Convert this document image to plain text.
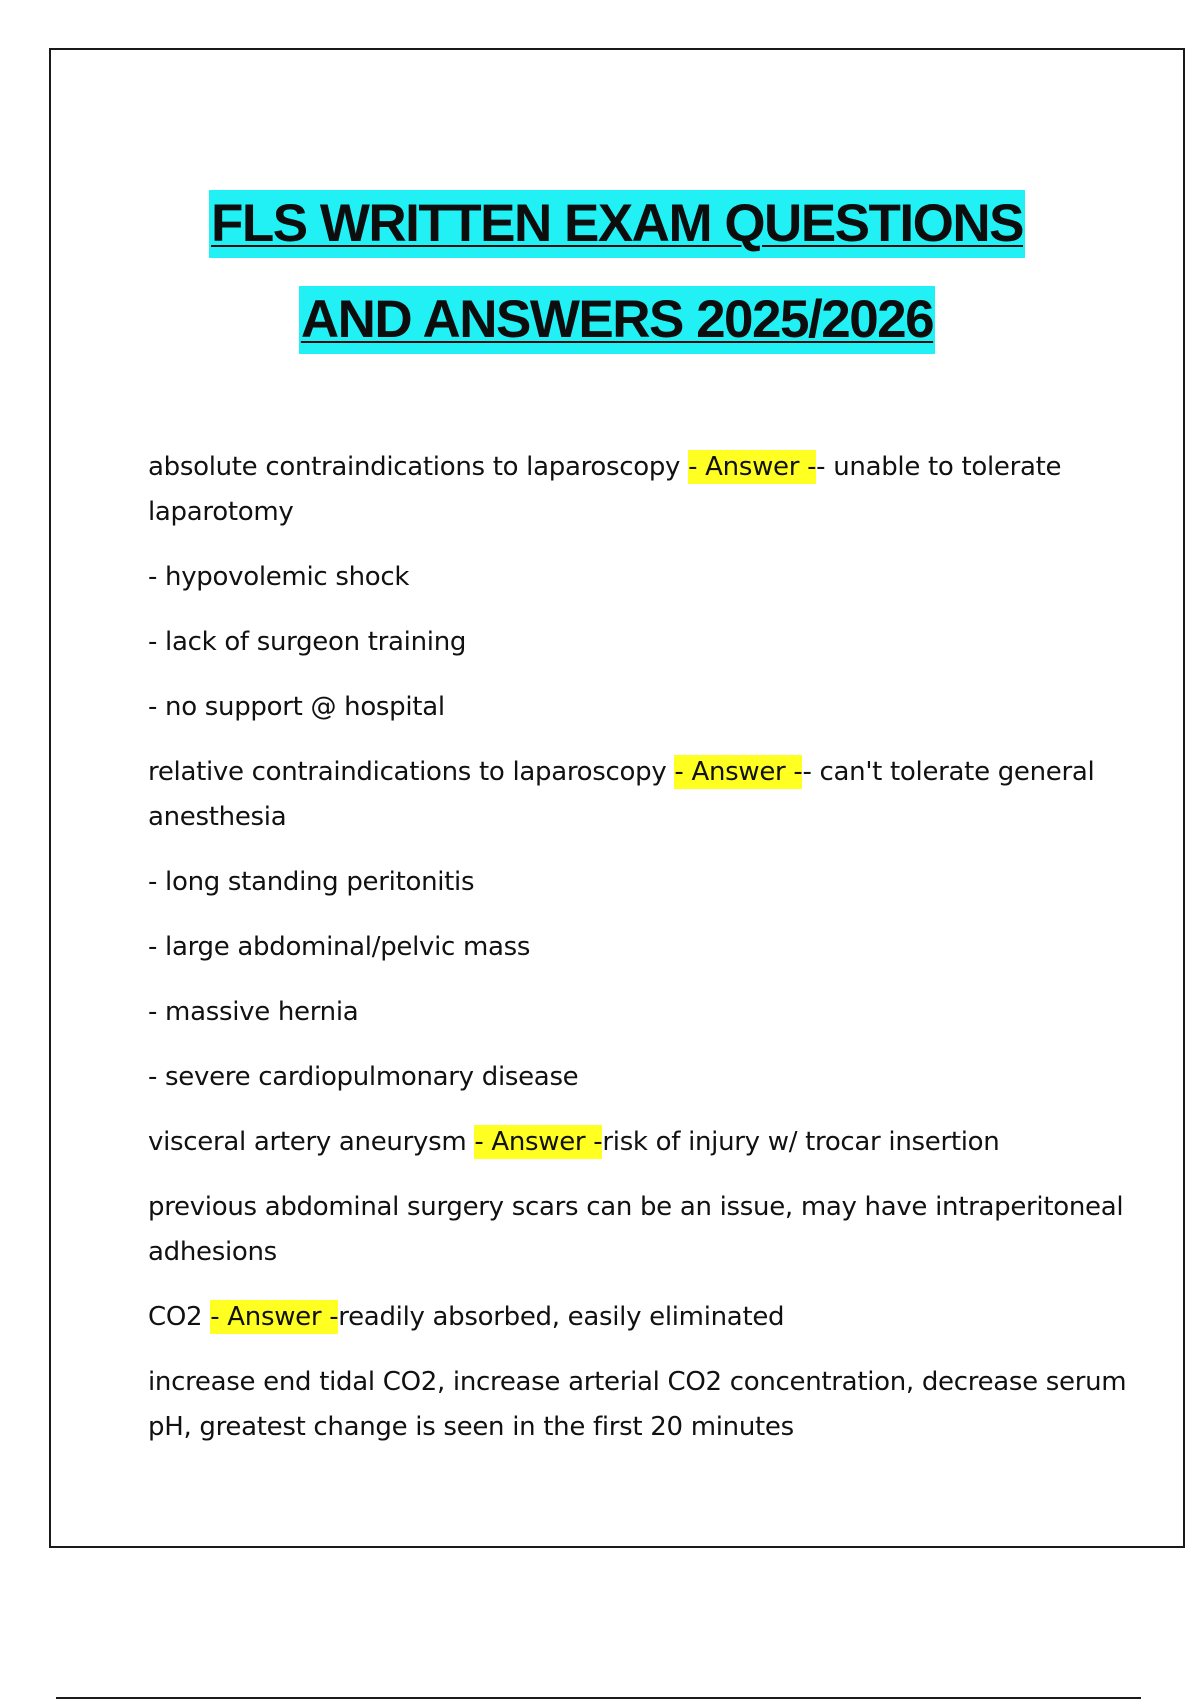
FLS WRITTEN EXAM QUESTIONS
AND ANSWERS 2025/2026

absolute contraindications to laparoscopy - Answer -- unable to tolerate laparotomy

- hypovolemic shock

- lack of surgeon training

- no support @ hospital

relative contraindications to laparoscopy - Answer -- can't tolerate general anesthesia

- long standing peritonitis

- large abdominal/pelvic mass

- massive hernia

- severe cardiopulmonary disease

visceral artery aneurysm - Answer -risk of injury w/ trocar insertion

previous abdominal surgery scars can be an issue, may have intraperitoneal adhesions

CO2 - Answer -readily absorbed, easily eliminated

increase end tidal CO2, increase arterial CO2 concentration, decrease serum pH, greatest change is seen in the first 20 minutes
